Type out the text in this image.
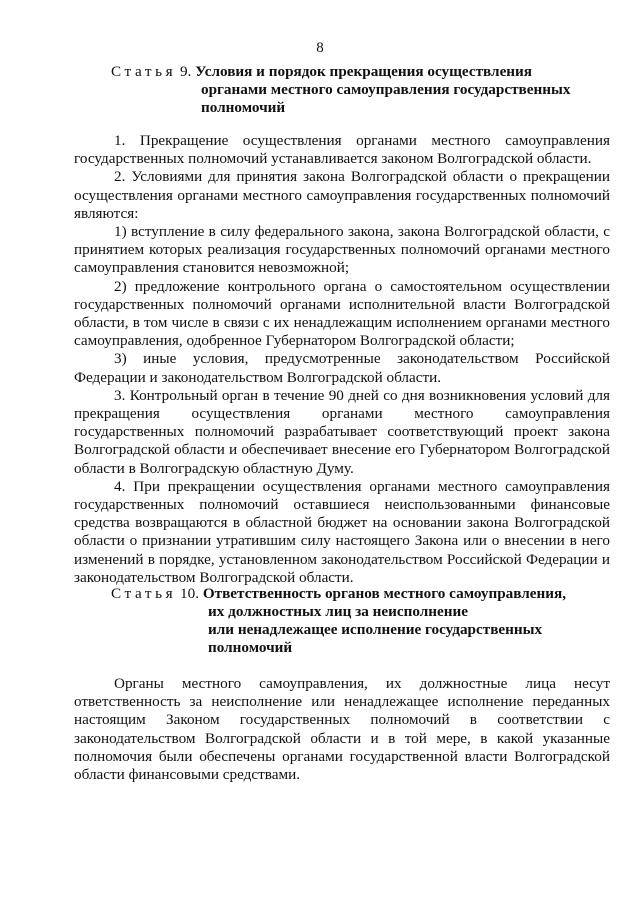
8
Статья 9. Условия и порядок прекращения осуществления
органами местного самоуправления государственных
полномочий

1. Прекращение осуществления органами местного самоуправления государственных полномочий устанавливается законом Волгоградской области.

2. Условиями для принятия закона Волгоградской области о прекращении осуществления органами местного самоуправления государственных полномочий являются:

1) вступление в силу федерального закона, закона Волгоградской области, с принятием которых реализация государственных полномочий органами местного самоуправления становится невозможной;

2) предложение контрольного органа о самостоятельном осуществлении государственных полномочий органами исполнительной власти Волгоградской области, в том числе в связи с их ненадлежащим исполнением органами местного самоуправления, одобренное Губернатором Волгоградской области;

3) иные условия, предусмотренные законодательством Российской Федерации и законодательством Волгоградской области.

3. Контрольный орган в течение 90 дней со дня возникновения условий для прекращения осуществления органами местного самоуправления государственных полномочий разрабатывает соответствующий проект закона Волгоградской области и обеспечивает внесение его Губернатором Волгоградской области в Волгоградскую областную Думу.

4. При прекращении осуществления органами местного самоуправления государственных полномочий оставшиеся неиспользованными финансовые средства возвращаются в областной бюджет на основании закона Волгоградской области о признании утратившим силу настоящего Закона или о внесении в него изменений в порядке, установленном законодательством Российской Федерации и законодательством Волгоградской области.

Статья 10. Ответственность органов местного самоуправления,
их должностных лиц за неисполнение
или ненадлежащее исполнение государственных
полномочий

Органы местного самоуправления, их должностные лица несут ответственность за неисполнение или ненадлежащее исполнение переданных настоящим Законом государственных полномочий в соответствии с законодательством Волгоградской области и в той мере, в какой указанные полномочия были обеспечены органами государственной власти Волгоградской области финансовыми средствами.
